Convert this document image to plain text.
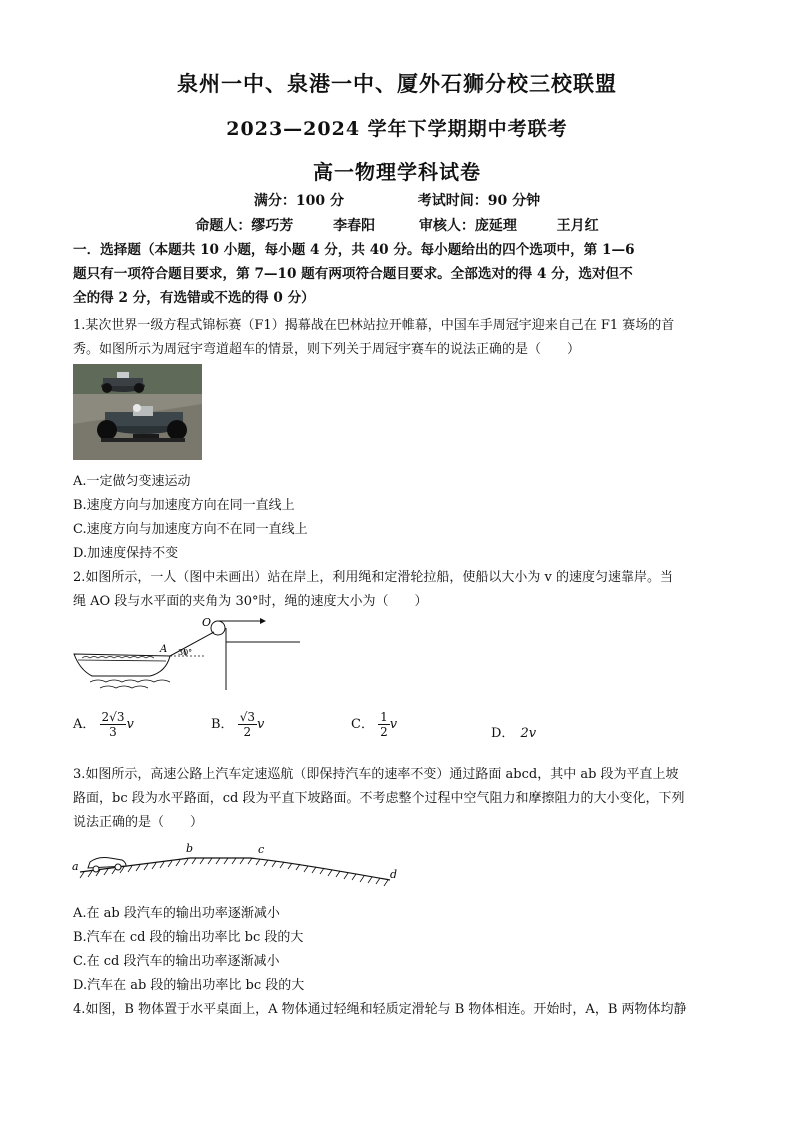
泉州一中、泉港一中、厦外石狮分校三校联盟
2023—2024 学年下学期期中考联考
高一物理学科试卷
满分：100 分	考试时间：90 分钟
命题人：缪巧芳	李春阳	审核人：庞延理	王月红
一．选择题（本题共 10 小题，每小题 4 分，共 40 分。每小题给出的四个选项中，第 1—6
题只有一项符合题目要求，第 7—10 题有两项符合题目要求。全部选对的得 4 分，选对但不
全的得 2 分，有选错或不选的得 0 分）
1.某次世界一级方程式锦标赛（F1）揭幕战在巴林站拉开帷幕，中国车手周冠宇迎来自己在 F1 赛场的首
秀。如图所示为周冠宇弯道超车的情景，则下列关于周冠宇赛车的说法正确的是（　　）
A.一定做匀变速运动
B.速度方向与加速度方向在同一直线上
C.速度方向与加速度方向不在同一直线上
D.加速度保持不变
2.如图所示，一人（图中未画出）站在岸上，利用绳和定滑轮拉船，使船以大小为 v 的速度匀速靠岸。当
绳 AO 段与水平面的夹角为 30°时，绳的速度大小为（　　）
O
A 30°
A． $\frac{2√3}{3}$ v	B． $\frac{√3}{2}$ v	C． $\frac{1}{2}$ v
D． 2v
3.如图所示，高速公路上汽车定速巡航（即保持汽车的速率不变）通过路面 abcd，其中 ab 段为平直上坡
路面，bc 段为水平路面，cd 段为平直下坡路面。不考虑整个过程中空气阻力和摩擦阻力的大小变化，下列
说法正确的是（　　）
a
b	c
d
A.在 ab 段汽车的输出功率逐渐减小
B.汽车在 cd 段的输出功率比 bc 段的大
C.在 cd 段汽车的输出功率逐渐减小
D.汽车在 ab 段的输出功率比 bc 段的大
4.如图，B 物体置于水平桌面上，A 物体通过轻绳和轻质定滑轮与 B 物体相连。开始时，A，B 两物体均静
